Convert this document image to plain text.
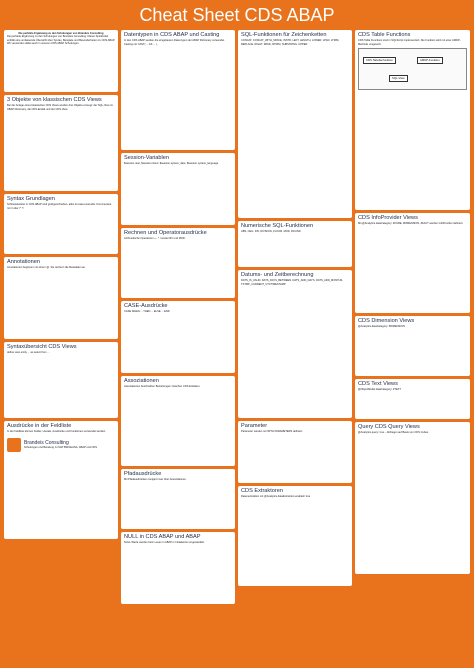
Cheat Sheet CDS ABAP
Die perfekte Ergänzung zu den Schulungen von Brandeis Consulting
Die perfekte Ergänzung zu den Schulungen von Brandeis Consulting. Dieser Spickzettel enthält eine umfassende Übersicht über Syntax, Beispiele und Besonderheiten zu CDS ABAP. Wir verwenden dabei auch in unseren CDS ABAP Schulungen.
3 Objekte von klassischen CDS Views
Bei der Anlage eines klassischen CDS Views werden drei Objekte erzeugt: der SQL-View im ABAP Dictionary, die CDS-Entität und der CDS-View.
Syntax Grundlagen
Schlüsselwörter in CDS ABAP sind großgeschrieben, alles ist case-insensitiv. Kommentare mit // oder /* */.
Annotationen
Annotationen beginnen mit einem @. Sie reichern die Metadaten an.
Syntaxübersicht CDS Views
define view entity ... as select from ...
Ausdrücke in der Feldliste
In der Feldliste können Felder, Literale, Ausdrücke und Funktionen verwendet werden.
Brandeis Consulting
Schulungen und Beratung zu SAP BW/4HANA, ABAP und CDS
Datentypen in CDS ABAP und Casting
In den CDS ABAP werden die eingebauten Datentypen der ABAP Dictionary verwendet. Casting mit CAST( ... AS ... ).
Session-Variablen
$session.user, $session.client, $session.system_date, $session.system_language
Rechnen und Operatorausdrücke
Arithmetische Operatoren + - * / sowie DIV und MOD.
CASE-Ausdrücke
CASE WHEN ... THEN ... ELSE ... END
Assoziationen
Assoziationen beschreiben Beziehungen zwischen CDS Entitäten.
Pfadausdrücke
Mit Pfadausdrücken navigiert man über Assoziationen.
NULL in CDS ABAP und ABAP
NULL-Werte werden beim Lesen in ABAP in Initialwerte umgewandelt.
SQL-Funktionen für Zeichenketten
CONCAT, CONCAT_WITH_SPACE, INSTR, LEFT, LENGTH, LOWER, LPAD, LTRIM, REPLACE, RIGHT, RPAD, RTRIM, SUBSTRING, UPPER
Numerische SQL-Funktionen
ABS, CEIL, DIV, DIVISION, FLOOR, MOD, ROUND
Datums- und Zeitberechnung
DATS_IS_VALID, DATS_DAYS_BETWEEN, DATS_ADD_DAYS, DATS_ADD_MONTHS, TSTMP_CURRENT_UTCTIMESTAMP
Parameter
Parameter werden mit WITH PARAMETERS definiert.
CDS Extraktoren
Datenextraktion mit @Analytics.dataExtraction.enabled: true
CDS Table Functions
CDS Table Functions sind in SQLScript implementiert. Die Funktion wird mit einer AMDP-Methode umgesetzt.
CDS Tabellenfunktion	AMDP-Funktion
SQL-View
CDS InfoProvider Views
Mit @Analytics.dataCategory: #CUBE, #DIMENSION, #FACT werden InfoProvider definiert.
CDS Dimension Views
@Analytics.dataCategory: #DIMENSION
CDS Text Views
@ObjectModel.dataCategory: #TEXT
Query CDS Query Views
@Analytics.query: true – Abfragen auf Basis von CDS Cubes.
